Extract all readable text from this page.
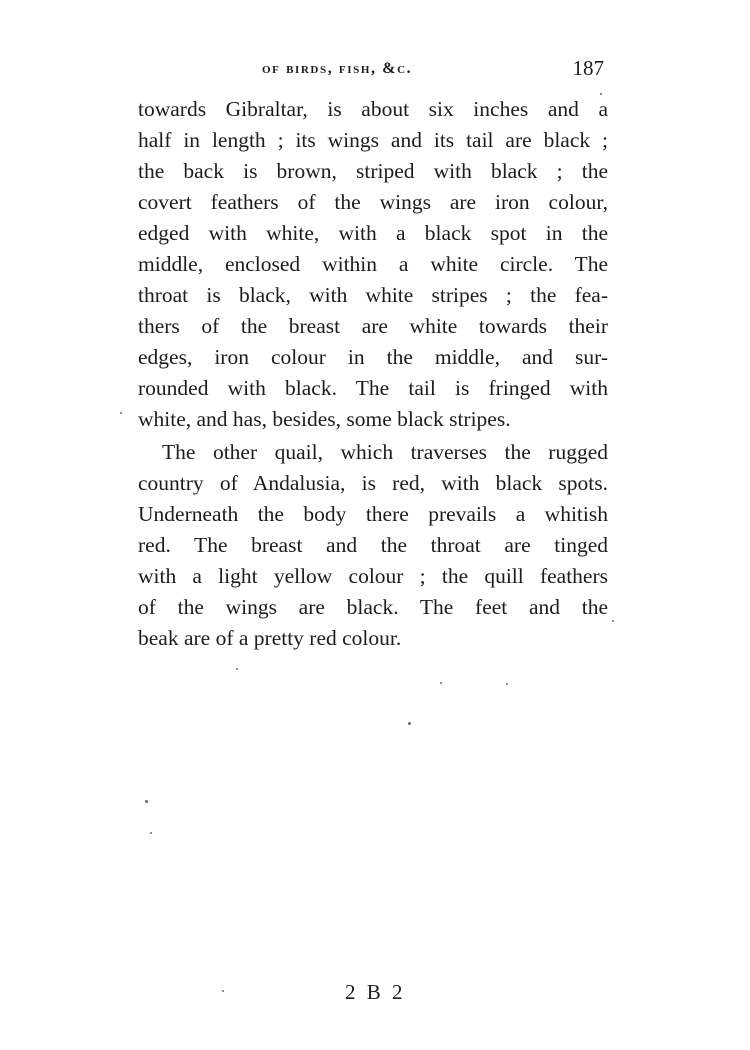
of birds, fish, &c.	187

towards Gibraltar, is about six inches and a
half in length ; its wings and its tail are black ;
the back is brown, striped with black ; the
covert feathers of the wings are iron colour,
edged with white, with a black spot in the
middle, enclosed within a white circle. The
throat is black, with white stripes ; the fea-
thers of the breast are white towards their
edges, iron colour in the middle, and sur-
rounded with black. The tail is fringed with
white, and has, besides, some black stripes.

The other quail, which traverses the rugged
country of Andalusia, is red, with black spots.
Underneath the body there prevails a whitish
red. The breast and the throat are tinged
with a light yellow colour ; the quill feathers
of the wings are black. The feet and the
beak are of a pretty red colour.

2 B 2
